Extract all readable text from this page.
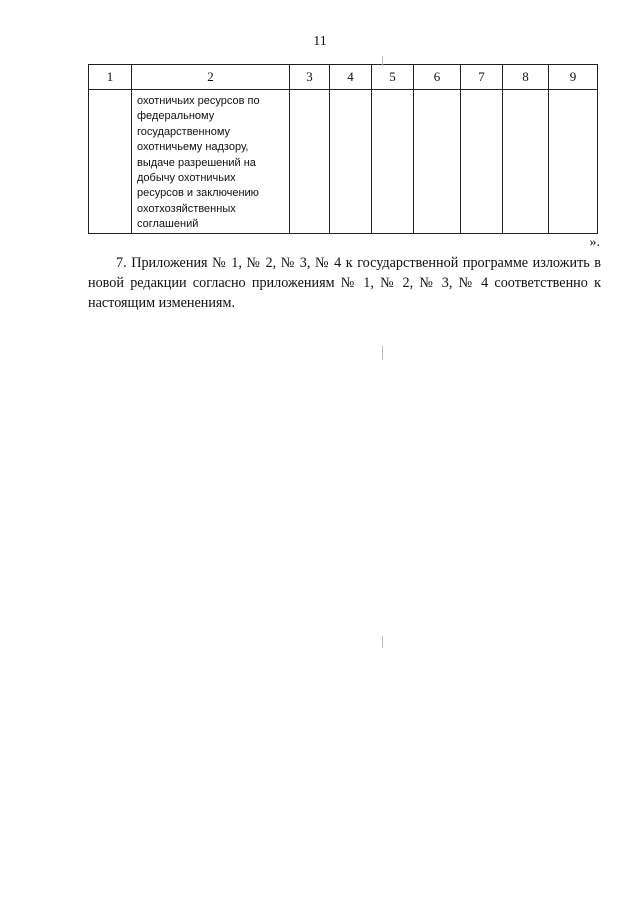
11
1	2	3	4	5	6	7	8	9

	охотничьих ресурсов по федеральному государственному охотничьему надзору, выдаче разрешений на добычу охотничьих ресурсов и заключению охотхозяйственных соглашений							

».
7. Приложения № 1, № 2, № 3, № 4 к государственной программе изложить в новой редакции согласно приложениям № 1, № 2, № 3, № 4 соответственно к настоящим изменениям.
